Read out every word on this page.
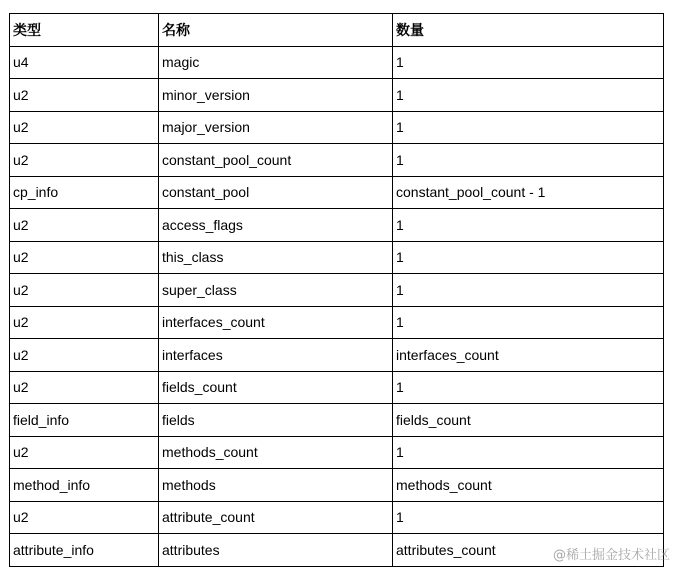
类型	名称	数量
u4	magic	1
u2	minor_version	1
u2	major_version	1
u2	constant_pool_count	1
cp_info	constant_pool	constant_pool_count - 1
u2	access_flags	1
u2	this_class	1
u2	super_class	1
u2	interfaces_count	1
u2	interfaces	interfaces_count
u2	fields_count	1
field_info	fields	fields_count
u2	methods_count	1
method_info	methods	methods_count
u2	attribute_count	1
attribute_info	attributes	attributes_count	@稀土掘金技术社区
